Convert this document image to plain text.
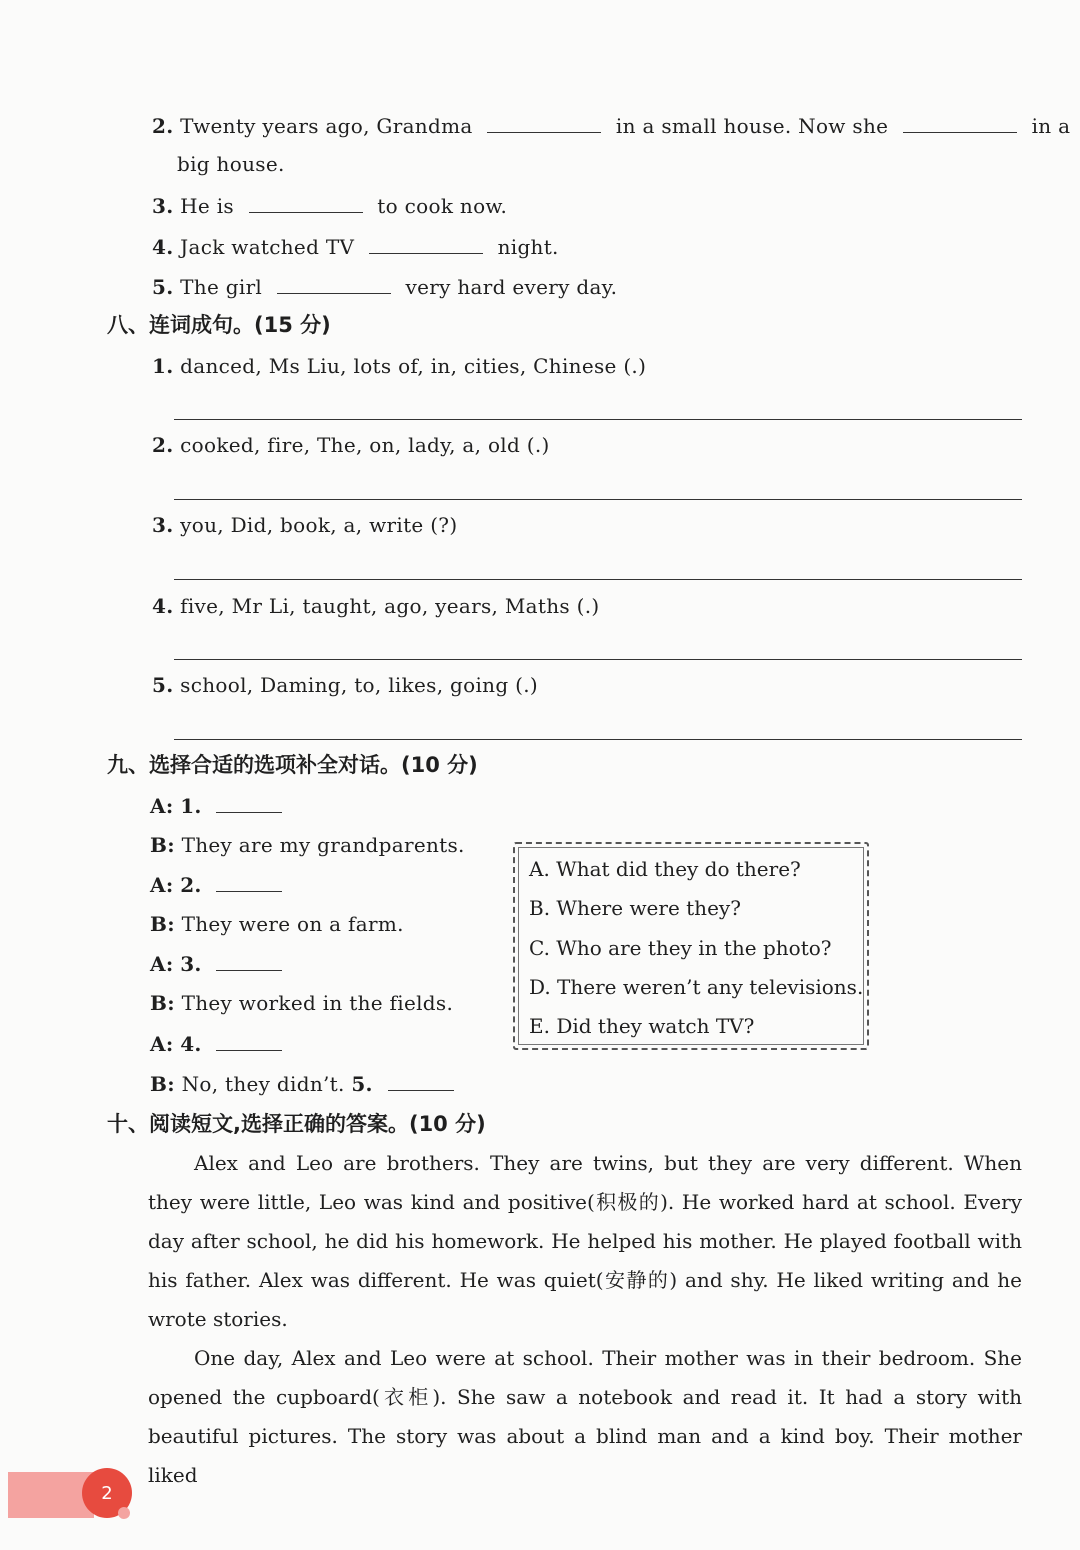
2. Twenty years ago, Grandma	in a small house. Now she	in a
big house.
3. He is	to cook now.
4. Jack watched TV	night.
5. The girl	very hard every day.
八、连词成句。(15 分)
1. danced, Ms Liu, lots of, in, cities, Chinese (.)
2. cooked, fire, The, on, lady, a, old (.)
3. you, Did, book, a, write (?)
4. five, Mr Li, taught, ago, years, Maths (.)
5. school, Daming, to, likes, going (.)
九、选择合适的选项补全对话。(10 分)
A: 1.
B: They are my grandparents.
A: 2.
B: They were on a farm.
A: 3.
B: They worked in the fields.
A: 4.
B: No, they didn’t. 5.
A. What did they do there?
B. Where were they?
C. Who are they in the photo?
D. There weren’t any televisions.
E. Did they watch TV?
十、阅读短文,选择正确的答案。(10 分)

Alex and Leo are brothers. They are twins, but they are very different. When they were little, Leo was kind and positive(积极的). He worked hard at school. Every day after school, he did his homework. He helped his mother. He played football with his father. Alex was different. He was quiet(安静的) and shy. He liked writing and he wrote stories.

One day, Alex and Leo were at school. Their mother was in their bedroom. She opened the cupboard(衣柜). She saw a notebook and read it. It had a story with beautiful pictures. The story was about a blind man and a kind boy. Their mother liked

2
